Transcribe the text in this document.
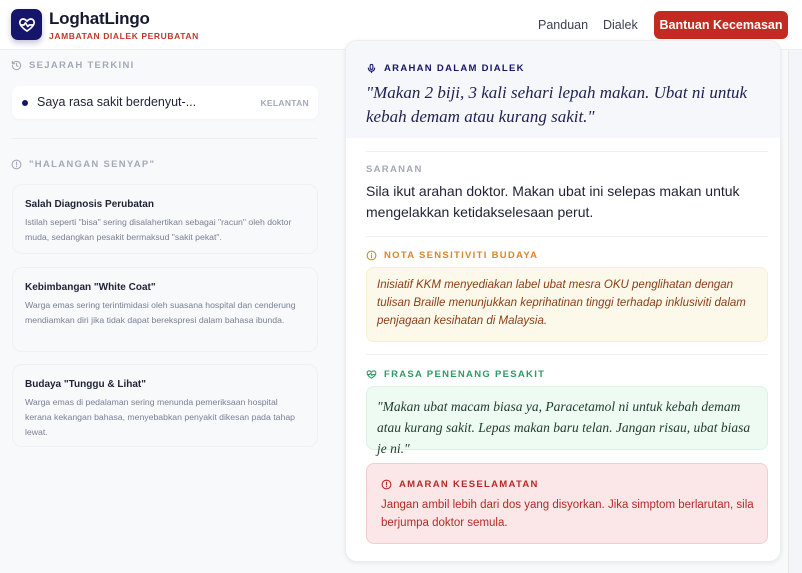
LoghatLingo
JAMBATAN DIALEK PERUBATAN
Panduan Dialek	Bantuan Kecemasan
SEJARAH TERKINI
Saya rasa sakit berdenyut-...	KELANTAN
"HALANGAN SENYAP"
Salah Diagnosis Perubatan
Istilah seperti "bisa" sering disalahertikan sebagai "racun" oleh doktor muda, sedangkan pesakit bermaksud "sakit pekat".
Kebimbangan "White Coat"
Warga emas sering terintimidasi oleh suasana hospital dan cenderung mendiamkan diri jika tidak dapat berekspresi dalam bahasa ibunda.
Budaya "Tunggu & Lihat"
Warga emas di pedalaman sering menunda pemeriksaan hospital kerana kekangan bahasa, menyebabkan penyakit dikesan pada tahap lewat.
ARAHAN DALAM DIALEK
"Makan 2 biji, 3 kali sehari lepah makan. Ubat ni untuk kebah demam atau kurang sakit."
SARANAN
Sila ikut arahan doktor. Makan ubat ini selepas makan untuk mengelakkan ketidakselesaan perut.
NOTA SENSITIVITI BUDAYA
Inisiatif KKM menyediakan label ubat mesra OKU penglihatan dengan tulisan Braille menunjukkan keprihatinan tinggi terhadap inklusiviti dalam penjagaan kesihatan di Malaysia.
FRASA PENENANG PESAKIT
"Makan ubat macam biasa ya, Paracetamol ni untuk kebah demam atau kurang sakit. Lepas makan baru telan. Jangan risau, ubat biasa je ni."
AMARAN KESELAMATAN
Jangan ambil lebih dari dos yang disyorkan. Jika simptom berlarutan, sila berjumpa doktor semula.
